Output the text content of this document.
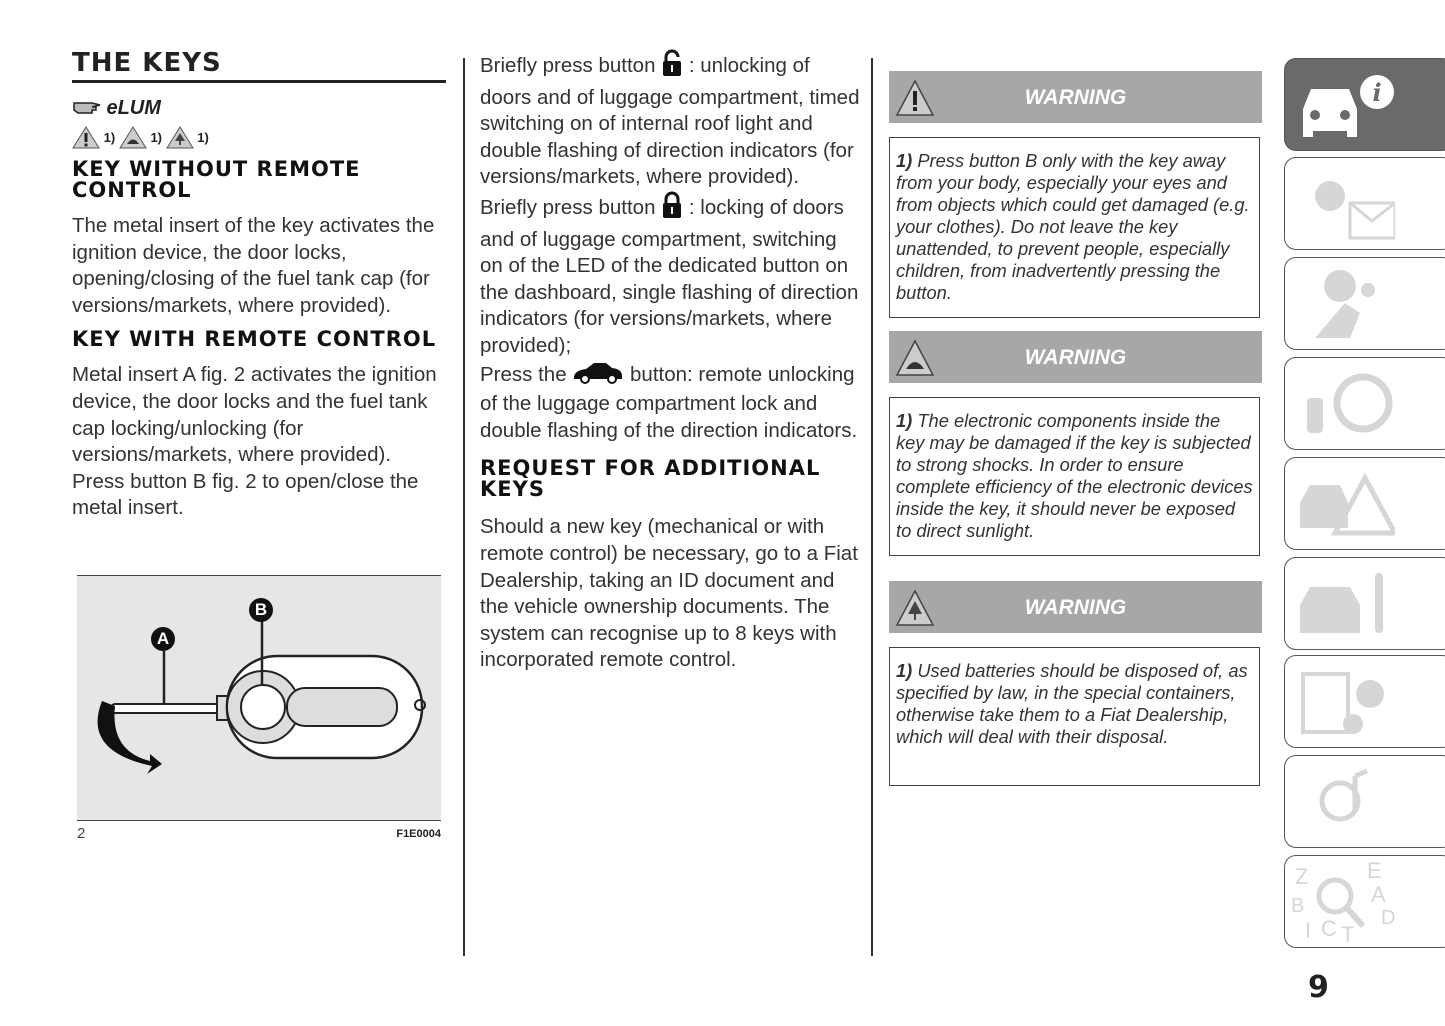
THE KEYS
eLUM
1)	1)	1)
KEY WITHOUT REMOTE CONTROL

The metal insert of the key activates the ignition device, the door locks, opening/closing of the fuel tank cap (for versions/markets, where provided).

KEY WITH REMOTE CONTROL

Metal insert A fig. 2 activates the ignition device, the door locks and the fuel tank cap locking/unlocking (for versions/markets, where provided).

Press button B fig. 2 to open/close the metal insert.

A
B
2	F1E0004

Briefly press button : unlocking of doors and of luggage compartment, timed switching on of internal roof light and double flashing of direction indicators (for versions/markets, where provided).

Briefly press button : locking of doors and of luggage compartment, switching on of the LED of the dedicated button on the dashboard, single flashing of direction indicators (for versions/markets, where provided);

Press the	button: remote unlocking of the luggage compartment lock and double flashing of the direction indicators.

REQUEST FOR ADDITIONAL KEYS

Should a new key (mechanical or with remote control) be necessary, go to a Fiat Dealership, taking an ID document and the vehicle ownership documents. The system can recognise up to 8 keys with incorporated remote control.

WARNING
1) Press button B only with the key away from your body, especially your eyes and from objects which could get damaged (e.g. your clothes). Do not leave the key unattended, to prevent people, especially children, from inadvertently pressing the button.
WARNING
1) The electronic components inside the key may be damaged if the key is subjected to strong shocks. In order to ensure complete efficiency of the electronic devices inside the key, it should never be exposed to direct sunlight.
WARNING
1) Used batteries should be disposed of, as specified by law, in the special containers, otherwise take them to a Fiat Dealership, which will deal with their disposal.
i
Z	E
A
B
C D
I T
9
